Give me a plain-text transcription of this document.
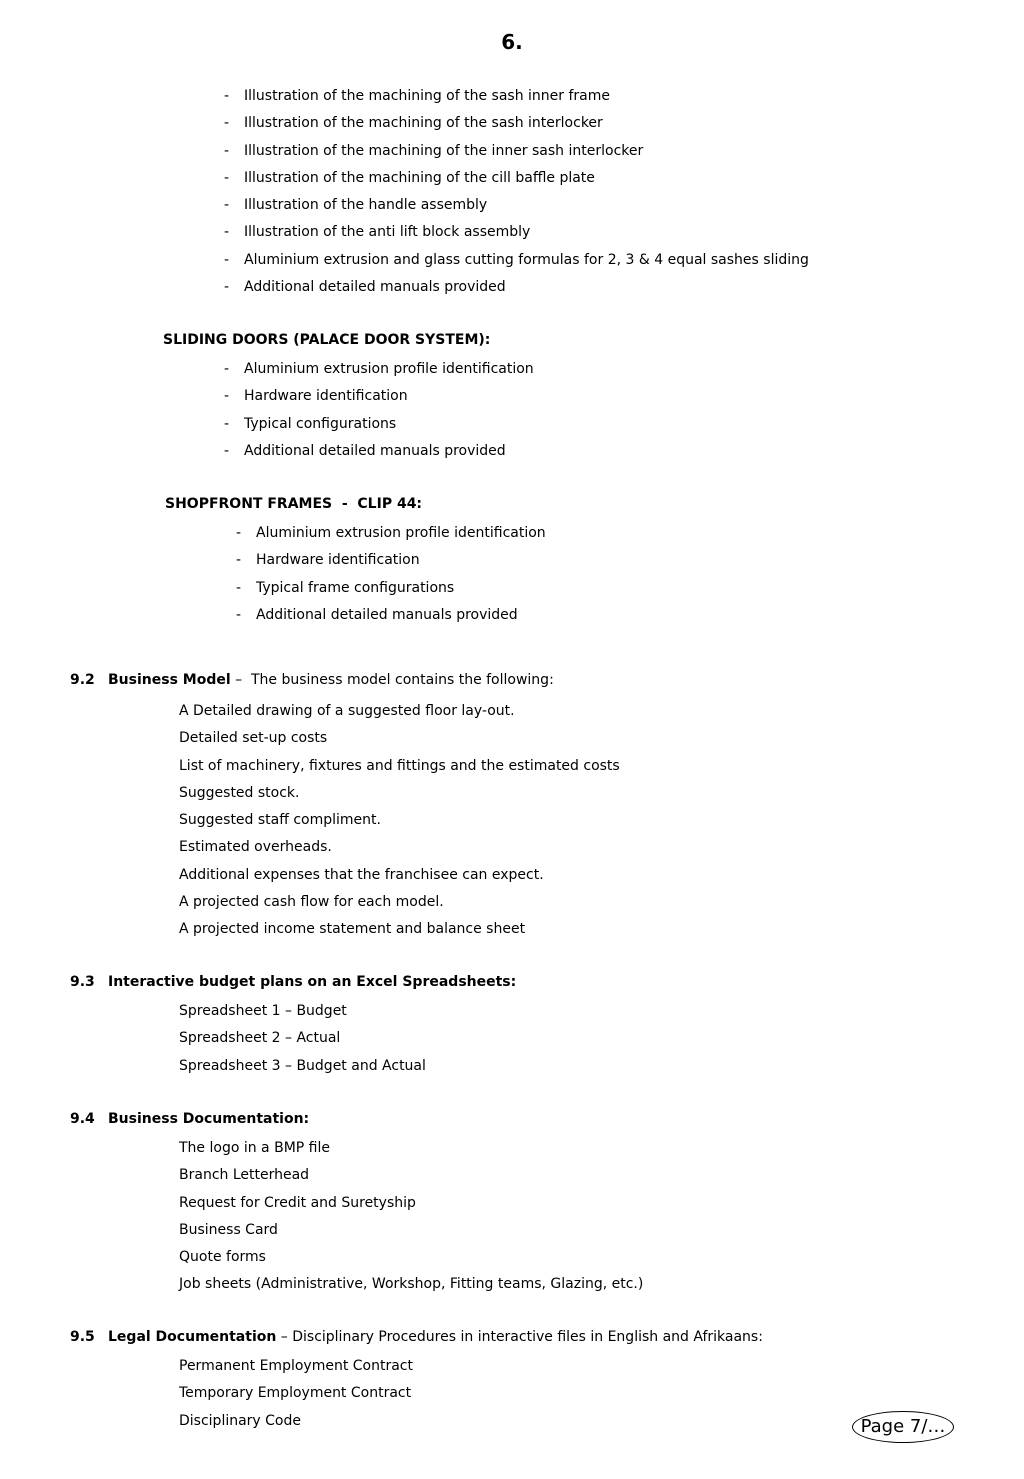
6.
- Illustration of the machining of the sash inner frame
- Illustration of the machining of the sash interlocker
- Illustration of the machining of the inner sash interlocker
- Illustration of the machining of the cill baffle plate
- Illustration of the handle assembly
- Illustration of the anti lift block assembly
- Aluminium extrusion and glass cutting formulas for 2, 3 & 4 equal sashes sliding
- Additional detailed manuals provided
SLIDING DOORS (PALACE DOOR SYSTEM):
- Aluminium extrusion profile identification
- Hardware identification
- Typical configurations
- Additional detailed manuals provided
SHOPFRONT FRAMES  -  CLIP 44:
- Aluminium extrusion profile identification
- Hardware identification
- Typical frame configurations
- Additional detailed manuals provided
9.2 Business Model –  The business model contains the following:
A Detailed drawing of a suggested floor lay-out.
Detailed set-up costs
List of machinery, fixtures and fittings and the estimated costs
Suggested stock.
Suggested staff compliment.
Estimated overheads.
Additional expenses that the franchisee can expect.
A projected cash flow for each model.
A projected income statement and balance sheet
9.3 Interactive budget plans on an Excel Spreadsheets:
Spreadsheet 1 – Budget
Spreadsheet 2 – Actual
Spreadsheet 3 – Budget and Actual
9.4 Business Documentation:
The logo in a BMP file
Branch Letterhead
Request for Credit and Suretyship
Business Card
Quote forms
Job sheets (Administrative, Workshop, Fitting teams, Glazing, etc.)
9.5 Legal Documentation – Disciplinary Procedures in interactive files in English and Afrikaans:
Permanent Employment Contract
Temporary Employment Contract
Disciplinary Code	Page 7/…
